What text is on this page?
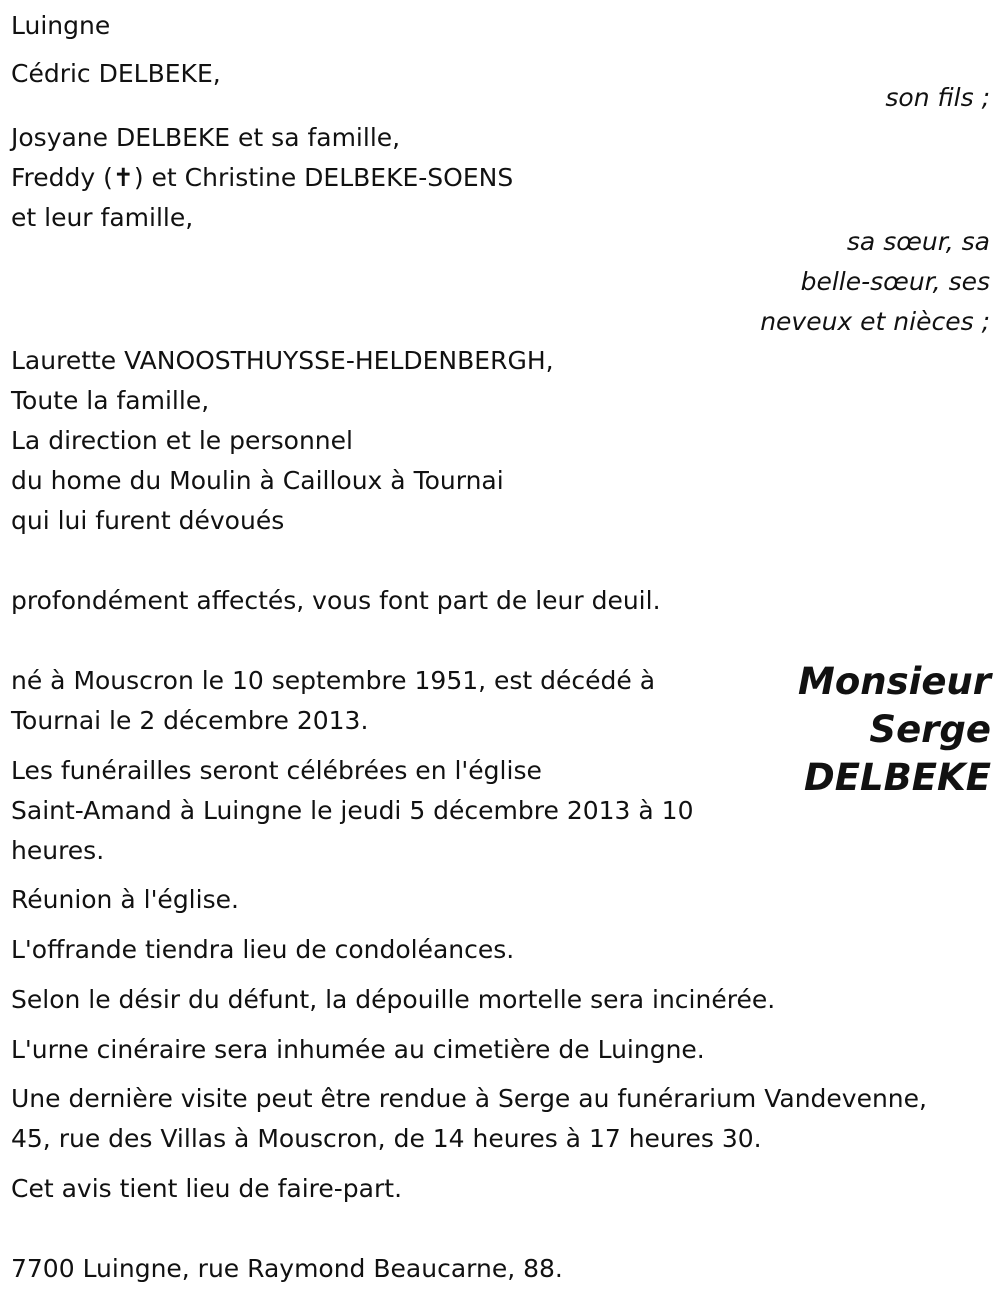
Luingne

Cédric DELBEKE,

son fils ;

Josyane DELBEKE et sa famille,
Freddy (✝) et Christine DELBEKE-SOENS
et leur famille,
sa sœur, sa
belle-sœur, ses
neveux et nièces ;
Laurette VANOOSTHUYSSE-HELDENBERGH,
Toute la famille,
La direction et le personnel
du home du Moulin à Cailloux à Tournai
qui lui furent dévoués

profondément affectés, vous font part de leur deuil.

Monsieur
Serge
DELBEKE
né à Mouscron le 10 septembre 1951, est décédé à
Tournai le 2 décembre 2013.
Les funérailles seront célébrées en l'église
Saint-Amand à Luingne le jeudi 5 décembre 2013 à 10
heures.

Réunion à l'église.

L'offrande tiendra lieu de condoléances.

Selon le désir du défunt, la dépouille mortelle sera incinérée.

L'urne cinéraire sera inhumée au cimetière de Luingne.

Une dernière visite peut être rendue à Serge au funérarium Vandevenne,
45, rue des Villas à Mouscron, de 14 heures à 17 heures 30.

Cet avis tient lieu de faire-part.

7700 Luingne, rue Raymond Beaucarne, 88.
